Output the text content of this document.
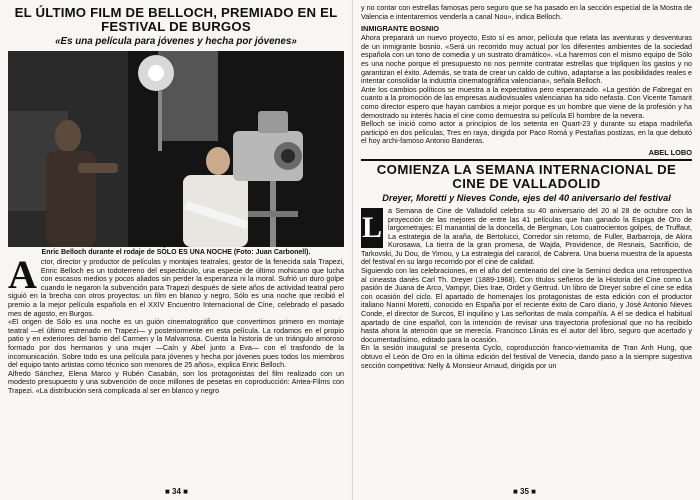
EL ÚLTIMO FILM DE BELLOCH, PREMIADO EN EL FESTIVAL DE BURGOS
«Es una película para jóvenes y hecha por jóvenes»
Enric Belloch durante el rodaje de SÓLO ES UNA NOCHE (Foto: Juan Carbonell).
A ctor, director y productor de películas y montajes teatrales, gestor de la fenecida sala Trapezi, Enric Belloch es un todoterreno del espectáculo, una especie de último mohicano que lucha con escasos medios y pocos aliados sin perder la esperanza ni la moral. Sufrió un duro golpe cuando le negaron la subvención para Trapezi después de siete años de actividad teatral pero siguió en la brecha con otros proyectos: un film en blanco y negro, Sólo es una noche que recibió el premio a la mejor película española en el XXIV Encuentro Internacional de Cine, celebrado el pasado mes de agosto, en Burgos.

«El origen de Sólo es una noche es un guión cinematográfico que convertimos primero en montaje teatral —el último estrenado en Trapezi— y posteriormente en esta película. La rodamos en el propio patio y en exteriores del barrio del Carmen y la Malvarrosa. Cuenta la historia de un triángulo amoroso formado por dos hermanos y una mujer —Caín y Abel junto a Eva— con el trasfondo de la incomunicación. Sobre todo es una película para jóvenes y hecha por jóvenes pues todos los miembros del equipo tanto artistas como técnico son menores de 25 años», explica Enric Belloch.

Alfredo Sánchez, Elena Marco y Rubén Casabán, son los protagonistas del film realizado con un modesto presupuesto y una subvención de once millones de pesetas en coproducción: Antea-Films con Trapezi. «La distribución será complicada al ser en blanco y negro

■ 34 ■

y no contar con estrellas famosas pero seguro que se ha pasado en la sección especial de la Mostra de Valencia e intentaremos venderla a canal Nou», indica Belloch.

INMIGRANTE BOSNIO

Ahora preparará un nuevo proyecto, Esto sí es amor, película que relata las aventuras y desventuras de un inmigrante bosnio. «Será un recorrido muy actual por los diferentes ambientes de la sociedad española con un tono de comedia y un sustrato dramático». «La haremos con el mismo equipo de Sólo es una noche porque el presupuesto no nos permite contratar estrellas que tripliquen los gastos y no garantizan el éxito. Además, se trata de crear un caldo de cultivo, adaptarse a las posibilidades reales e intentar consolidar la industria cinematográfica valenciana», señala Belloch.

Ante los cambios políticos se muestra a la expectativa pero esperanzado. «La gestión de Fabregat en cuanto a la promoción de las empresas audiovisuales valencianas ha sido nefasta. Con Vicente Tamarit como director espero que hayan cambios a mejor porque es un hombre que viene de la profesión y ha demostrado su interés hacia el cine como demuestra su película El hombre de la nevera.

Belloch se inició como actor a principios de los setenta en Quart-23 y durante su etapa madrileña participó en dos películas, Tres en raya, dirigida por Paco Romá y Pestañas postizas, en la que debutó el hoy archi-famoso Antonio Banderas.

ABEL LOBO
COMIENZA LA SEMANA INTERNACIONAL DE CINE DE VALLADOLID
Dreyer, Moretti y Nieves Conde, ejes del 40 aniversario del festival
L

a Semana de Cine de Valladolid celebra su 40 aniversario del 20 al 28 de octubre con la proyección de las mejores de entre las 41 películas que han ganado la Espiga de Oro de largometrajes: El manantial de la doncella, de Bergman, Los cuatrocientos golpes, de Truffaut, La estrategia de la araña, de Bertolucci, Corredor sin retorno, de Fuller, Barbarroja, de Akira Kurosawa, La tierra de la gran promesa, de Wajda, Providence, de Resnais, Sacrificio, de Tarkovski, Ju Dou, de Yimou, y La estrategia del caracol, de Cabrera. Una buena muestra de la apuesta del festival en su largo recorrido por el cine de calidad.

Siguiendo con las celebraciones, en el año del centenario del cine la Seminci dedica una retrospectiva al cineasta danés Carl Th. Dreyer (1889-1968). Con títulos señeros de la Historia del Cine como La pasión de Juana de Arco, Vampyr, Dies Irae, Ordet y Gertrud. Un libro de Dreyer sobre el cine se edita con ocasión del ciclo. El apartado de homenajes los protagonistas de esta edición con el productor italiano Nanni Moretti, conocido en España por el reciente éxito de Caro diario, y José Antonio Nieves Conde, el director de Surcos, El inquilino y Las señoritas de mala compañía. A él se dedica el habitual apartado de cine español, con la intención de revisar una trayectoria profesional que no ha recibido hasta ahora la atención que se merecía. Francisco Llinás es el autor del libro, seguro que acertado y documentadísimo, editado para la ocasión.

En la sesión inaugural se presenta Cyclo, coproducción franco-vietnamita de Tran Anh Hung, que obtuvo el León de Oro en la última edición del festival de Venecia, dando paso a la siempre sugestiva sección competitiva: Nelly & Monsieur Arnaud, dirigida por un

■ 35 ■
